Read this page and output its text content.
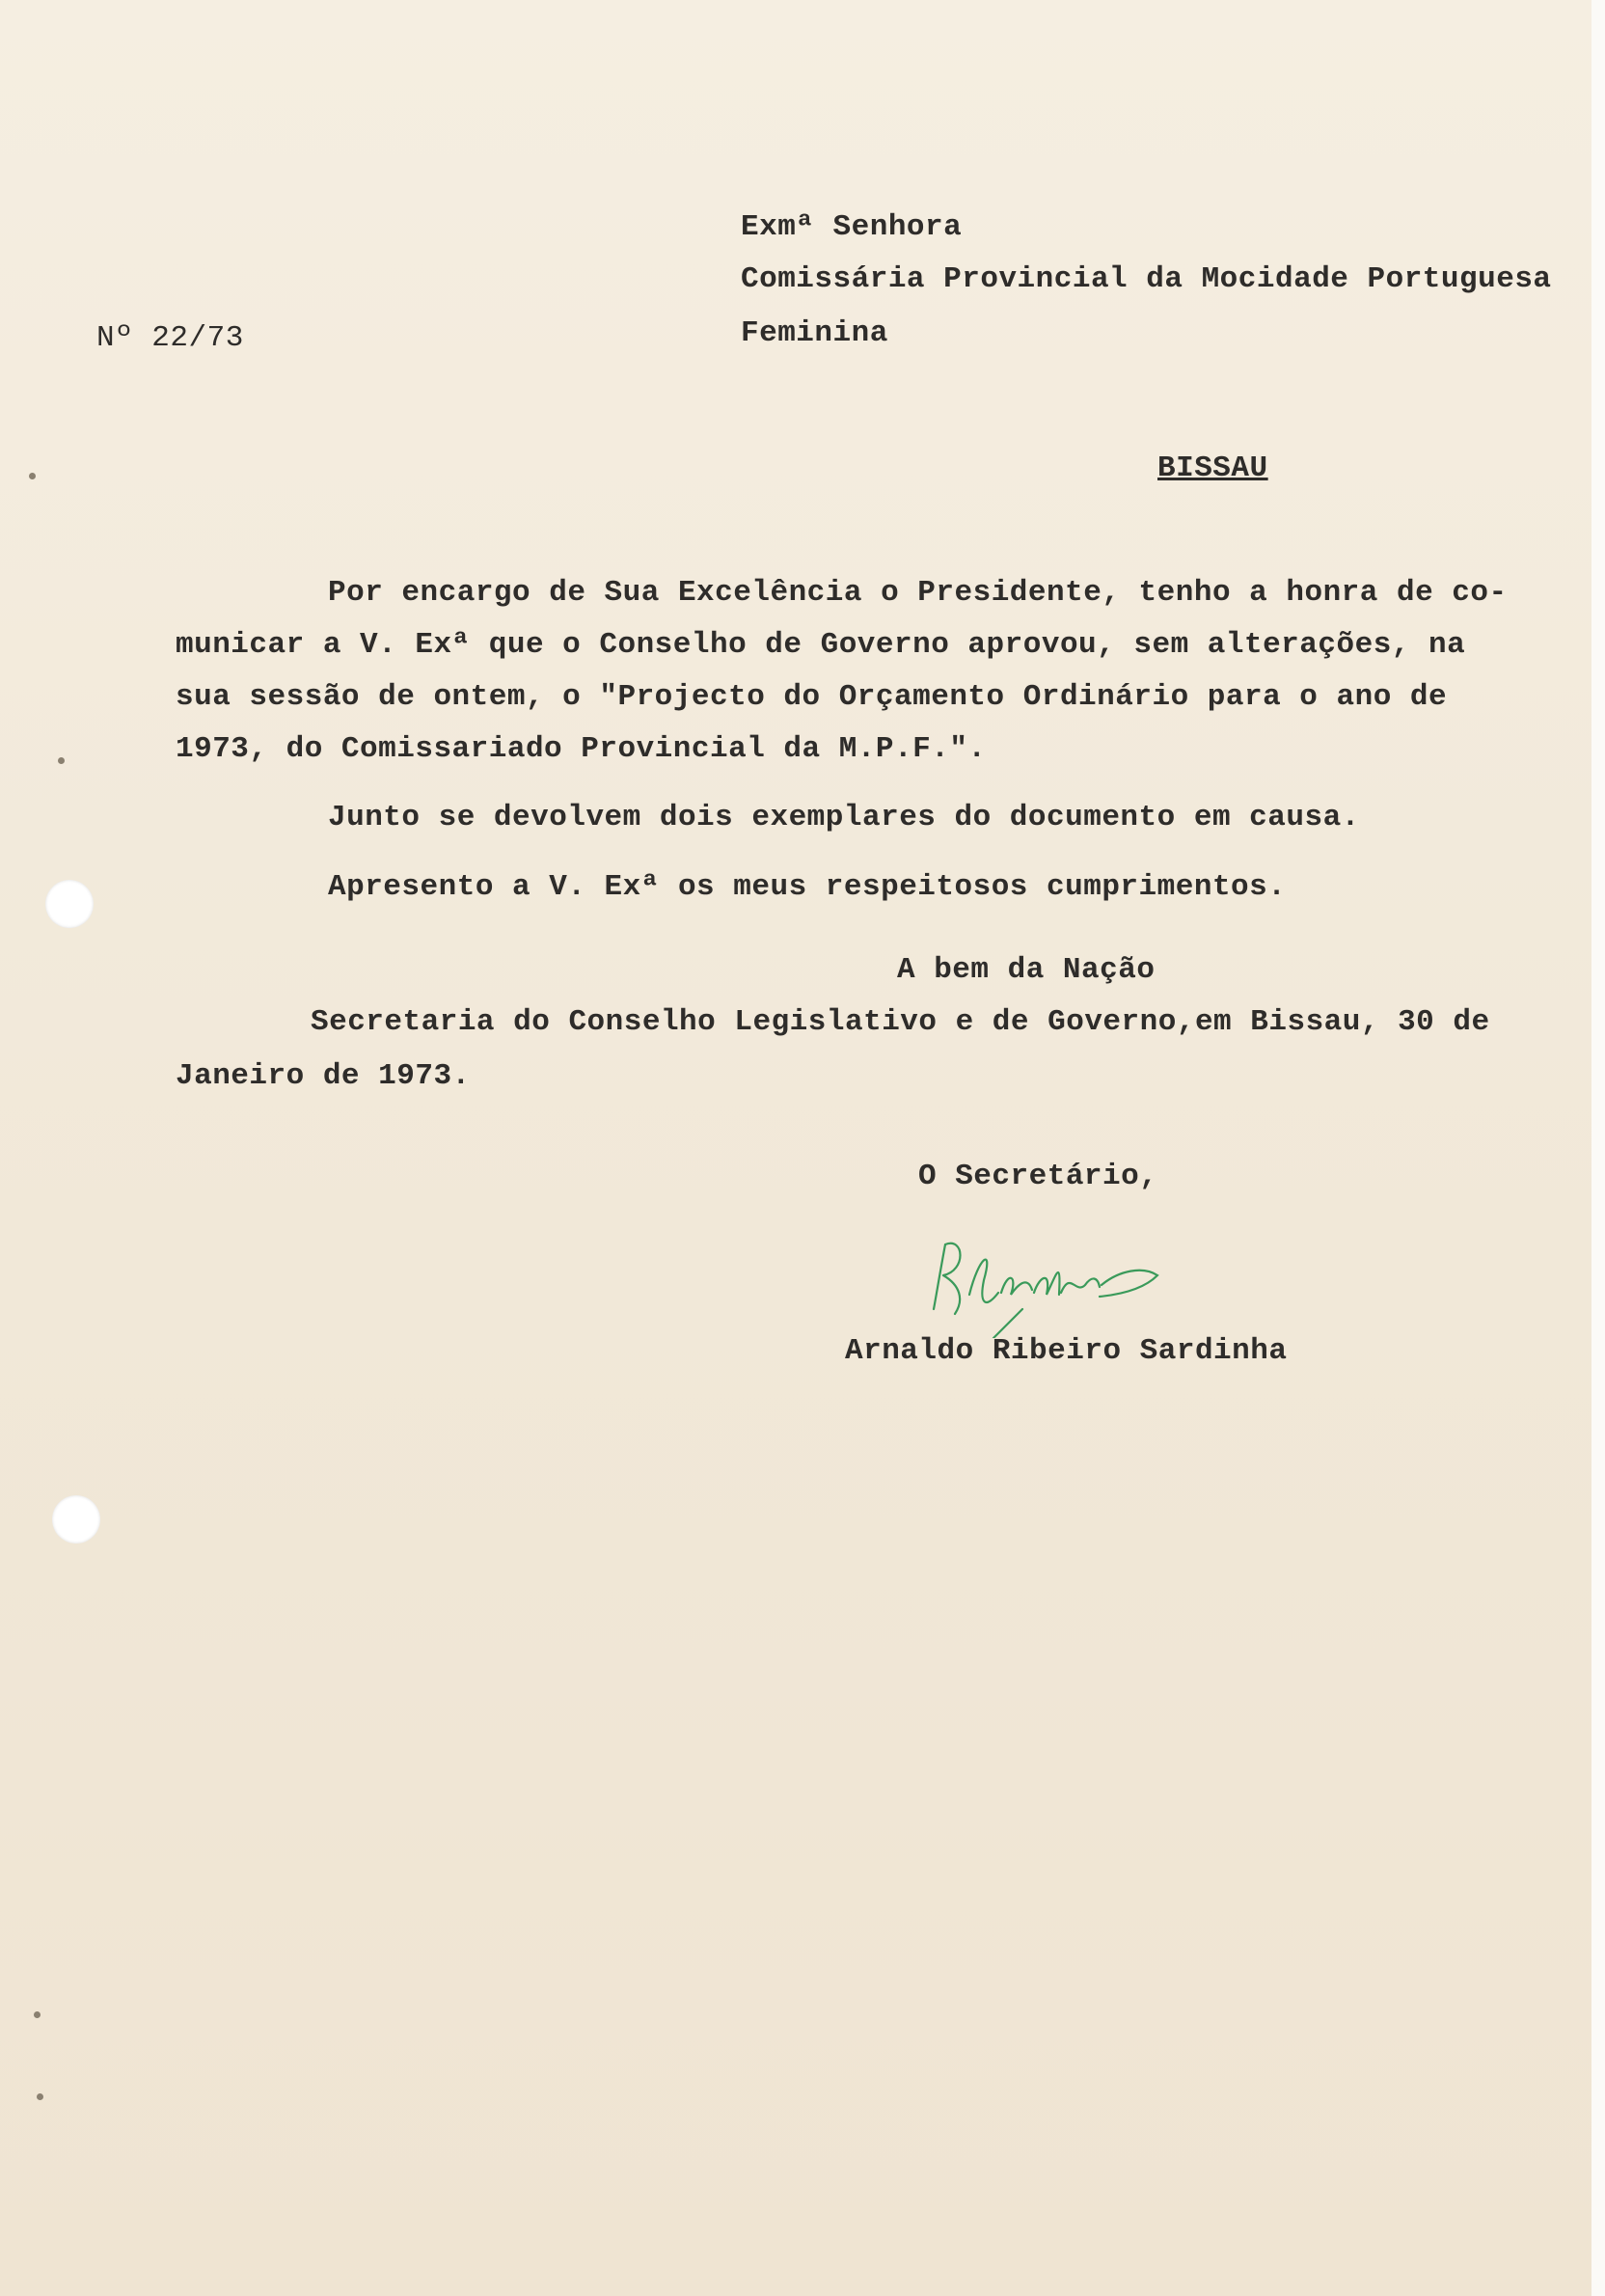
Exmª Senhora
Comissária Provincial da Mocidade Portuguesa
Feminina
Nº 22/73
BISSAU
Por encargo de Sua Excelência o Presidente, tenho a honra de co-
municar a V. Exª que o Conselho de Governo aprovou, sem alterações, na
sua sessão de ontem, o "Projecto do Orçamento Ordinário para o ano de
1973, do Comissariado Provincial da M.P.F.".
Junto se devolvem dois exemplares do documento em causa.
Apresento a V. Exª os meus respeitosos cumprimentos.
A bem da Nação
Secretaria do Conselho Legislativo e de Governo,em Bissau, 30 de
Janeiro de 1973.
O Secretário,
Arnaldo Ribeiro Sardinha
